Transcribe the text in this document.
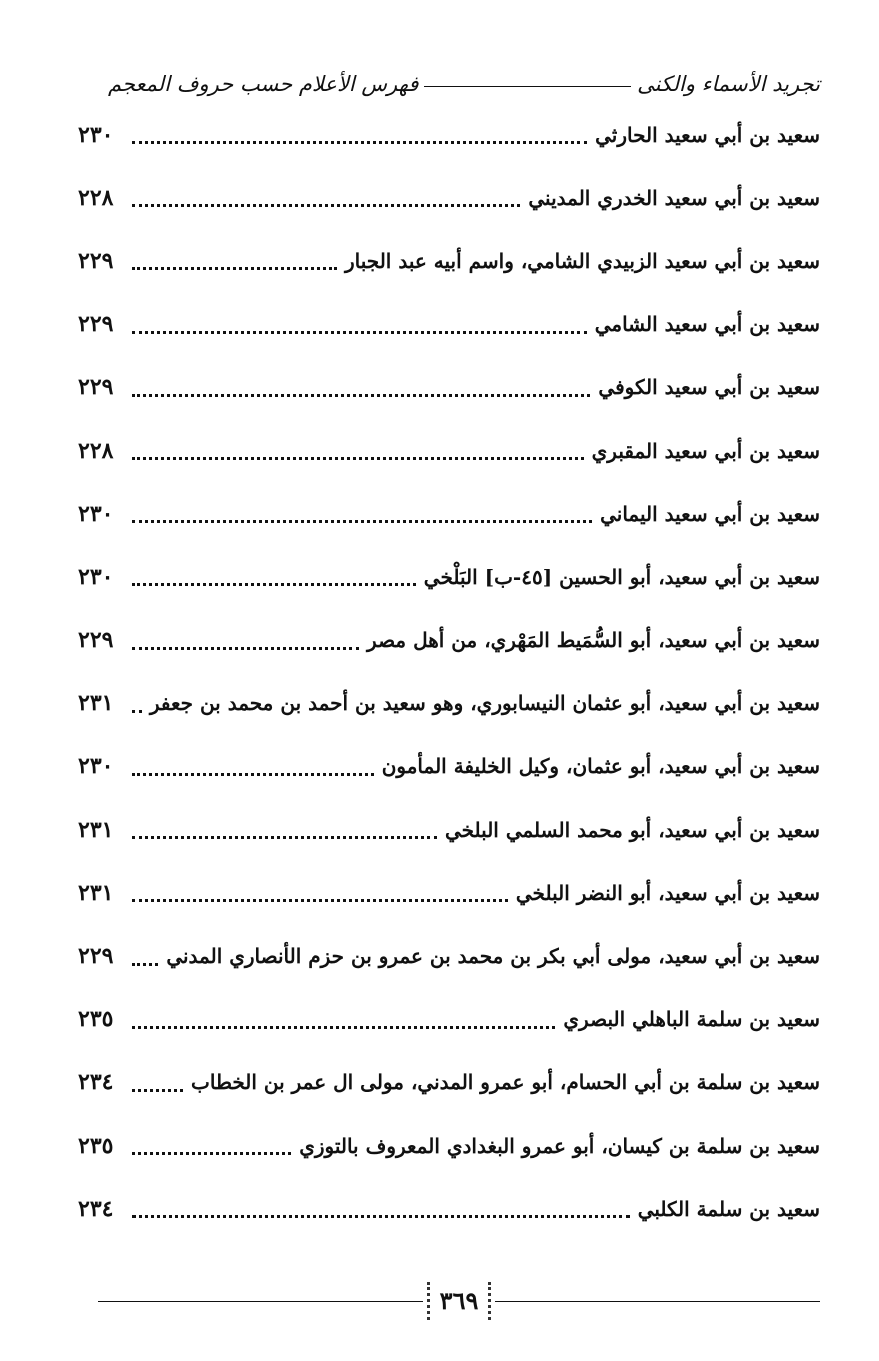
تجريد الأسماء والكنى
فهرس الأعلام حسب حروف المعجم
سعيد بن أبي سعيد الحارثي
٢٣٠
سعيد بن أبي سعيد الخدري المديني
٢٢٨
سعيد بن أبي سعيد الزبيدي الشامي، واسم أبيه عبد الجبار
٢٢٩
سعيد بن أبي سعيد الشامي
٢٢٩
سعيد بن أبي سعيد الكوفي
٢٢٩
سعيد بن أبي سعيد المقبري
٢٢٨
سعيد بن أبي سعيد اليماني
٢٣٠
سعيد بن أبي سعيد، أبو الحسين [٤٥-ب] البَلْخي
٢٣٠
سعيد بن أبي سعيد، أبو السُّمَيط المَهْري، من أهل مصر
٢٢٩
سعيد بن أبي سعيد، أبو عثمان النيسابوري، وهو سعيد بن أحمد بن محمد بن جعفر
٢٣١
سعيد بن أبي سعيد، أبو عثمان، وكيل الخليفة المأمون
٢٣٠
سعيد بن أبي سعيد، أبو محمد السلمي البلخي
٢٣١
سعيد بن أبي سعيد، أبو النضر البلخي
٢٣١
سعيد بن أبي سعيد، مولى أبي بكر بن محمد بن عمرو بن حزم الأنصاري المدني
٢٢٩
سعيد بن سلمة الباهلي البصري
٢٣٥
سعيد بن سلمة بن أبي الحسام، أبو عمرو المدني، مولى ال عمر بن الخطاب
٢٣٤
سعيد بن سلمة بن كيسان، أبو عمرو البغدادي المعروف بالتوزي
٢٣٥
سعيد بن سلمة الكلبي
٢٣٤
٣٦٩
